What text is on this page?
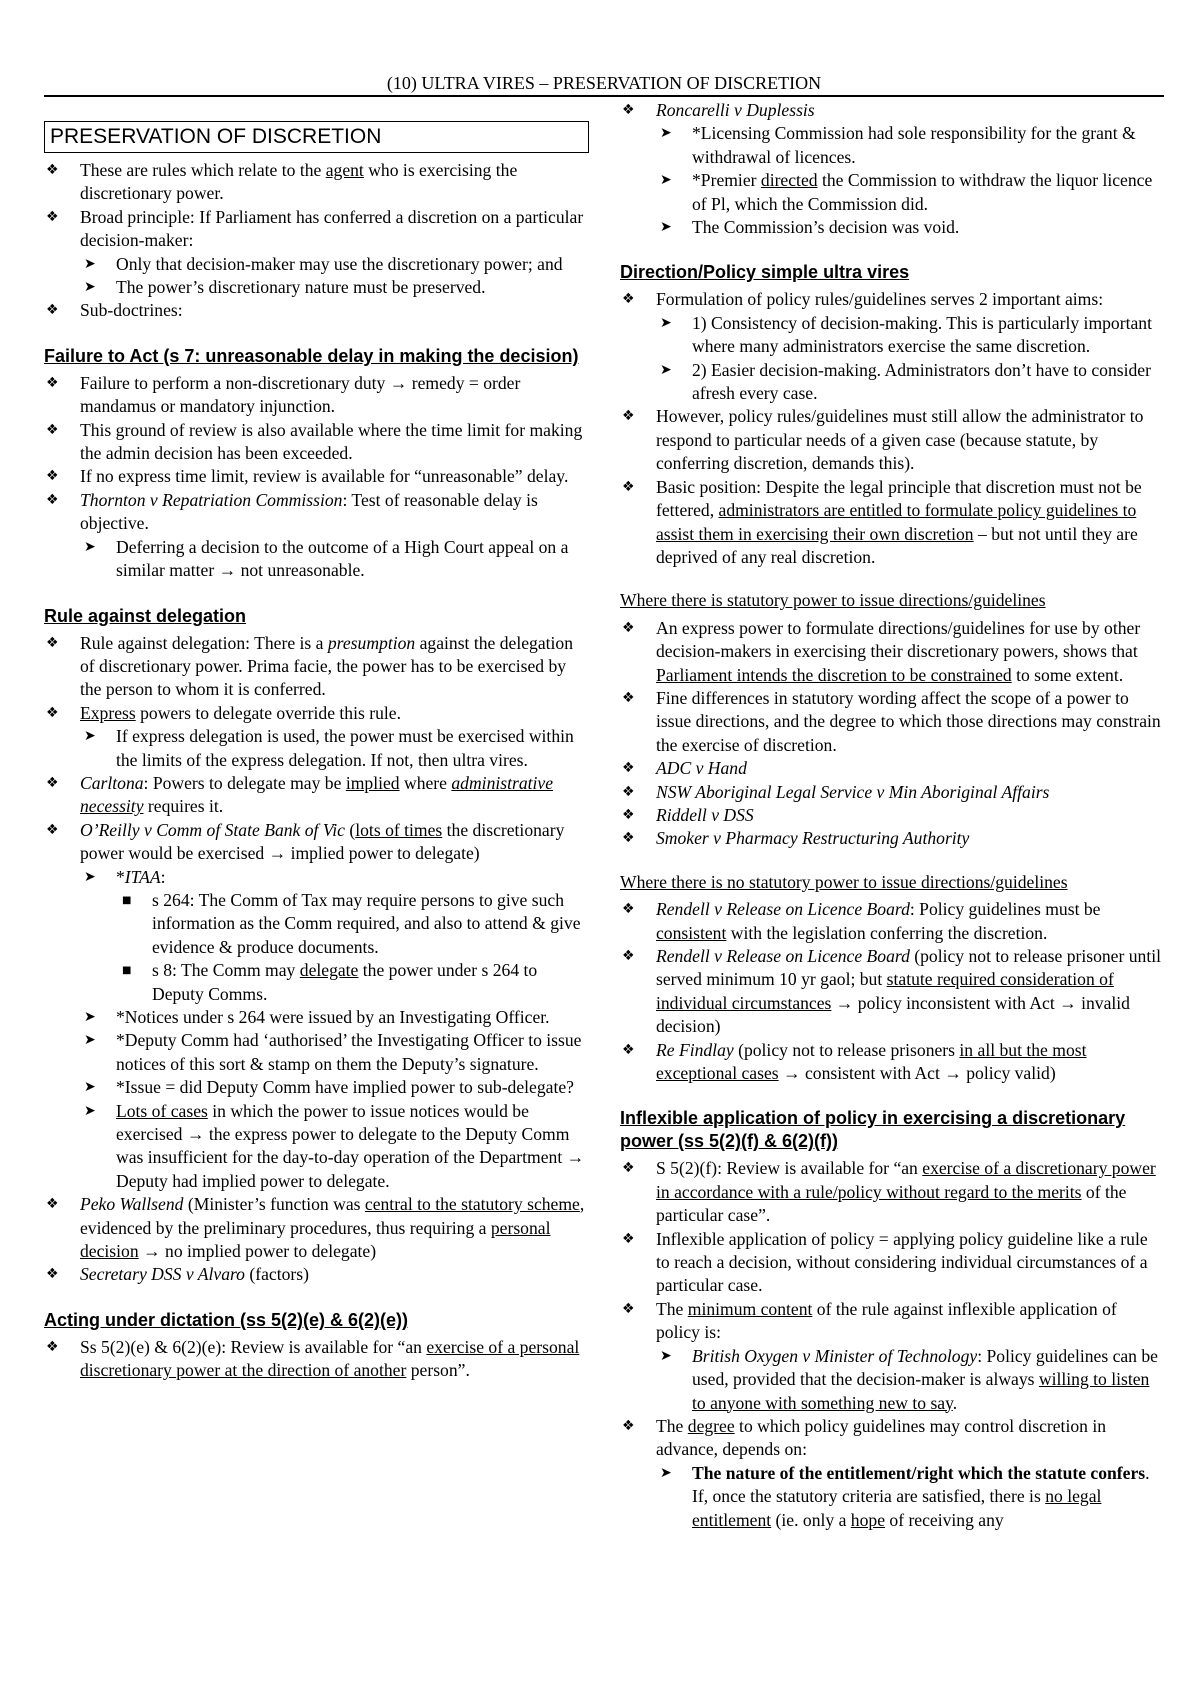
(10) ULTRA VIRES – PRESERVATION OF DISCRETION
PRESERVATION OF DISCRETION
❖ These are rules which relate to the agent who is exercising the discretionary power.
❖ Broad principle: If Parliament has conferred a discretion on a particular decision-maker:
➤ Only that decision-maker may use the discretionary power; and
➤ The power’s discretionary nature must be preserved.
❖ Sub-doctrines:
Failure to Act (s 7: unreasonable delay in making the decision)
❖ Failure to perform a non-discretionary duty → remedy = order mandamus or mandatory injunction.
❖ This ground of review is also available where the time limit for making the admin decision has been exceeded.
❖ If no express time limit, review is available for “unreasonable” delay.
❖ Thornton v Repatriation Commission: Test of reasonable delay is objective.
➤ Deferring a decision to the outcome of a High Court appeal on a similar matter → not unreasonable.
Rule against delegation
❖ Rule against delegation: There is a presumption against the delegation of discretionary power. Prima facie, the power has to be exercised by the person to whom it is conferred.
❖ Express powers to delegate override this rule.
➤ If express delegation is used, the power must be exercised within the limits of the express delegation. If not, then ultra vires.
❖ Carltona: Powers to delegate may be implied where administrative necessity requires it.
❖ O’Reilly v Comm of State Bank of Vic (lots of times the discretionary power would be exercised → implied power to delegate)
➤ *ITAA:
■ s 264: The Comm of Tax may require persons to give such information as the Comm required, and also to attend & give evidence & produce documents.
■ s 8: The Comm may delegate the power under s 264 to Deputy Comms.
➤ *Notices under s 264 were issued by an Investigating Officer.
➤ *Deputy Comm had ‘authorised’ the Investigating Officer to issue notices of this sort & stamp on them the Deputy’s signature.
➤ *Issue = did Deputy Comm have implied power to sub-delegate?
➤ Lots of cases in which the power to issue notices would be exercised → the express power to delegate to the Deputy Comm was insufficient for the day-to-day operation of the Department → Deputy had implied power to delegate.
❖ Peko Wallsend (Minister’s function was central to the statutory scheme, evidenced by the preliminary procedures, thus requiring a personal decision → no implied power to delegate)
❖ Secretary DSS v Alvaro (factors)
Acting under dictation (ss 5(2)(e) & 6(2)(e))
❖ Ss 5(2)(e) & 6(2)(e): Review is available for “an exercise of a personal discretionary power at the direction of another person”.
❖ Roncarelli v Duplessis
➤ *Licensing Commission had sole responsibility for the grant & withdrawal of licences.
➤ *Premier directed the Commission to withdraw the liquor licence of Pl, which the Commission did.
➤ The Commission’s decision was void.
Direction/Policy simple ultra vires
❖ Formulation of policy rules/guidelines serves 2 important aims:
➤ 1) Consistency of decision-making. This is particularly important where many administrators exercise the same discretion.
➤ 2) Easier decision-making. Administrators don’t have to consider afresh every case.
❖ However, policy rules/guidelines must still allow the administrator to respond to particular needs of a given case (because statute, by conferring discretion, demands this).
❖ Basic position: Despite the legal principle that discretion must not be fettered, administrators are entitled to formulate policy guidelines to assist them in exercising their own discretion – but not until they are deprived of any real discretion.
Where there is statutory power to issue directions/guidelines
❖ An express power to formulate directions/guidelines for use by other decision-makers in exercising their discretionary powers, shows that Parliament intends the discretion to be constrained to some extent.
❖ Fine differences in statutory wording affect the scope of a power to issue directions, and the degree to which those directions may constrain the exercise of discretion.
❖ ADC v Hand
❖ NSW Aboriginal Legal Service v Min Aboriginal Affairs
❖ Riddell v DSS
❖ Smoker v Pharmacy Restructuring Authority
Where there is no statutory power to issue directions/guidelines
❖ Rendell v Release on Licence Board: Policy guidelines must be consistent with the legislation conferring the discretion.
❖ Rendell v Release on Licence Board (policy not to release prisoner until served minimum 10 yr gaol; but statute required consideration of individual circumstances → policy inconsistent with Act → invalid decision)
❖ Re Findlay (policy not to release prisoners in all but the most exceptional cases → consistent with Act → policy valid)
Inflexible application of policy in exercising a discretionary power (ss 5(2)(f) & 6(2)(f))
❖ S 5(2)(f): Review is available for “an exercise of a discretionary power in accordance with a rule/policy without regard to the merits of the particular case”.
❖ Inflexible application of policy = applying policy guideline like a rule to reach a decision, without considering individual circumstances of a particular case.
❖ The minimum content of the rule against inflexible application of policy is:
➤ British Oxygen v Minister of Technology: Policy guidelines can be used, provided that the decision-maker is always willing to listen to anyone with something new to say.
❖ The degree to which policy guidelines may control discretion in advance, depends on:
➤ The nature of the entitlement/right which the statute confers. If, once the statutory criteria are satisfied, there is no legal entitlement (ie. only a hope of receiving any
